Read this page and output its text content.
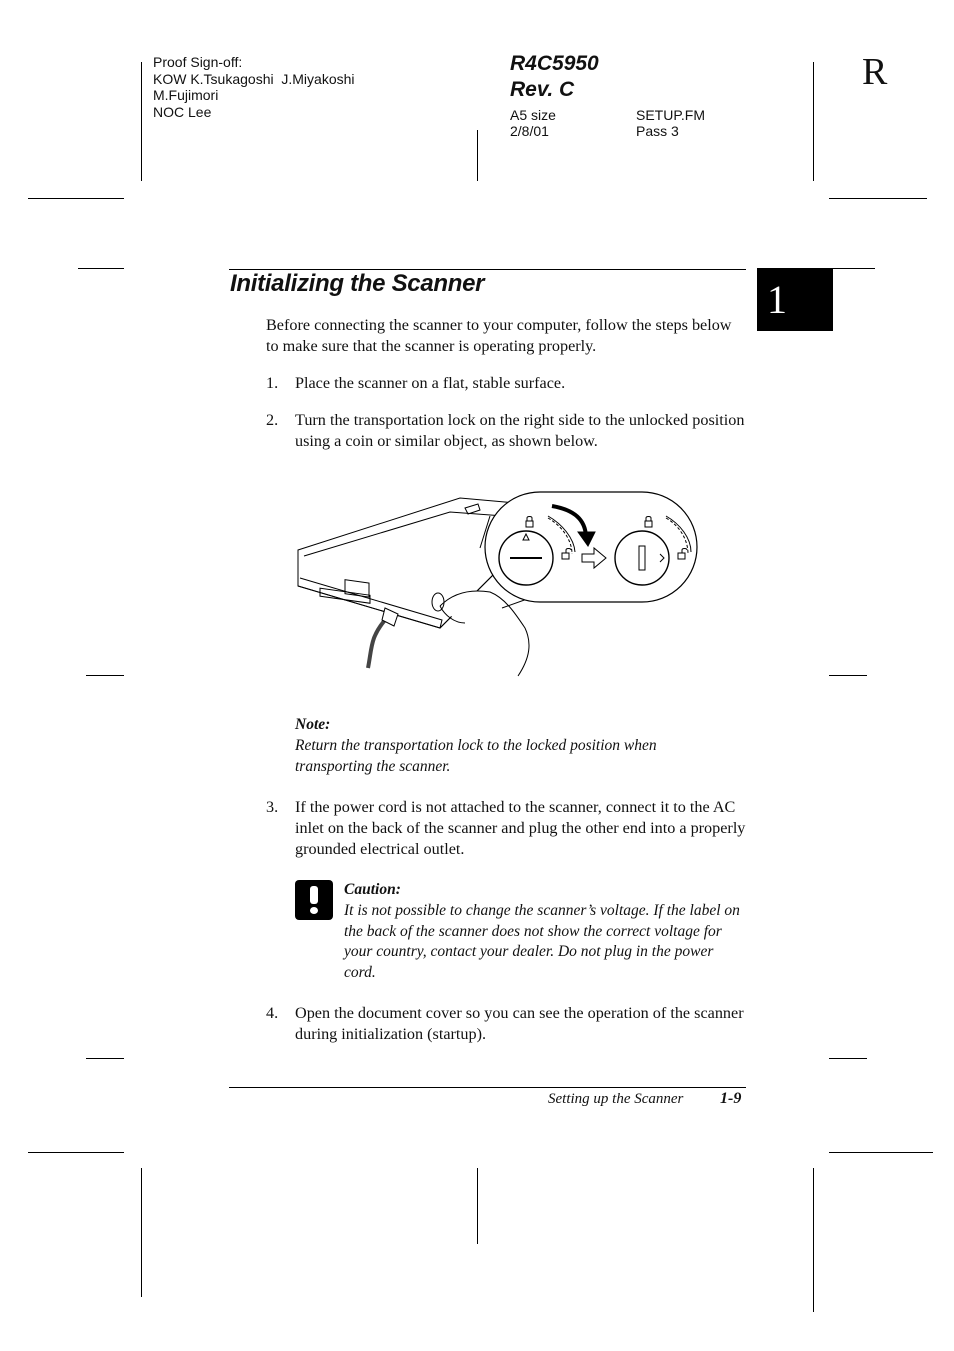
Proof Sign-off:
KOW K.Tsukagoshi  J.Miyakoshi
M.Fujimori
NOC Lee
R4C5950
Rev. C
A5 size
2/8/01
SETUP.FM
Pass 3
R
1
Initializing the Scanner
Before connecting the scanner to your computer, follow the steps below to make sure that the scanner is operating properly.
1.	Place the scanner on a flat, stable surface.
2.	Turn the transportation lock on the right side to the unlocked position using a coin or similar object, as shown below.
Note:
Return the transportation lock to the locked position when transporting the scanner.
3.	If the power cord is not attached to the scanner, connect it to the AC inlet on the back of the scanner and plug the other end into a properly grounded electrical outlet.
Caution:
It is not possible to change the scanner’s voltage. If the label on the back of the scanner does not show the correct voltage for your country, contact your dealer. Do not plug in the power cord.
4.	Open the document cover so you can see the operation of the scanner during initialization (startup).
Setting up the Scanner 1-9
